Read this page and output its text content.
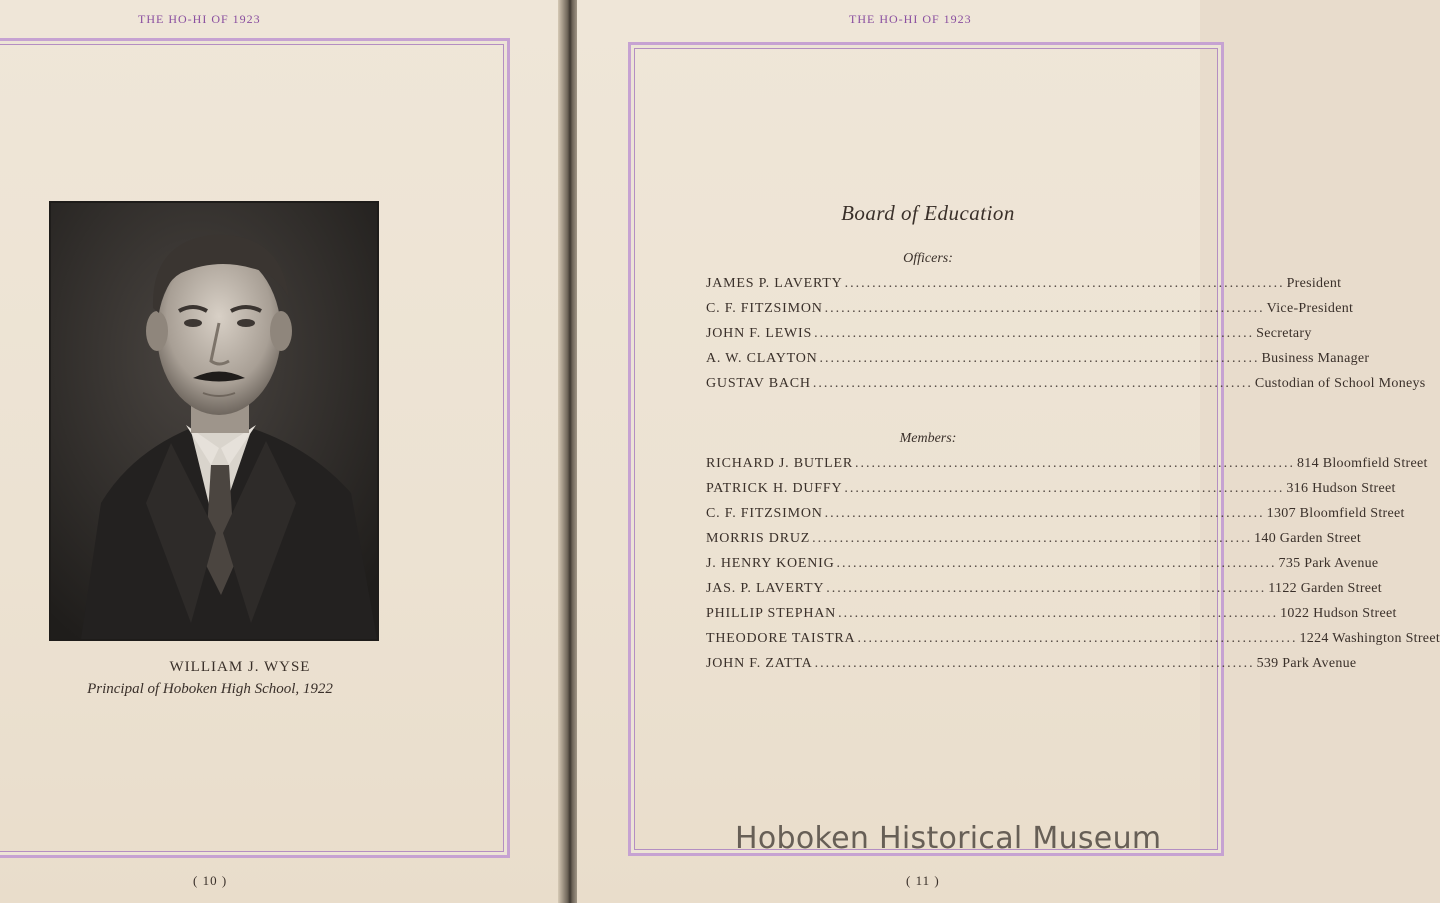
THE HO-HI OF 1923
WILLIAM J. WYSE
Principal of Hoboken High School, 1922
( 10 )
THE HO-HI OF 1923
( 11 )
Board of Education
Officers:
JAMES P. LAVERTY ................................................................................ President
C. F. FITZSIMON ................................................................................ Vice-President
JOHN F. LEWIS ................................................................................ Secretary
A. W. CLAYTON ................................................................................ Business Manager
GUSTAV BACH ................................................................................ Custodian of School Moneys
Members:
RICHARD J. BUTLER ................................................................................ 814 Bloomfield Street
PATRICK H. DUFFY ................................................................................ 316 Hudson Street
C. F. FITZSIMON ................................................................................ 1307 Bloomfield Street
MORRIS DRUZ ................................................................................ 140 Garden Street
J. HENRY KOENIG ................................................................................ 735 Park Avenue
JAS. P. LAVERTY ................................................................................ 1122 Garden Street
PHILLIP STEPHAN ................................................................................ 1022 Hudson Street
THEODORE TAISTRA ................................................................................ 1224 Washington Street
JOHN F. ZATTA ................................................................................ 539 Park Avenue
Hoboken Historical Museum
